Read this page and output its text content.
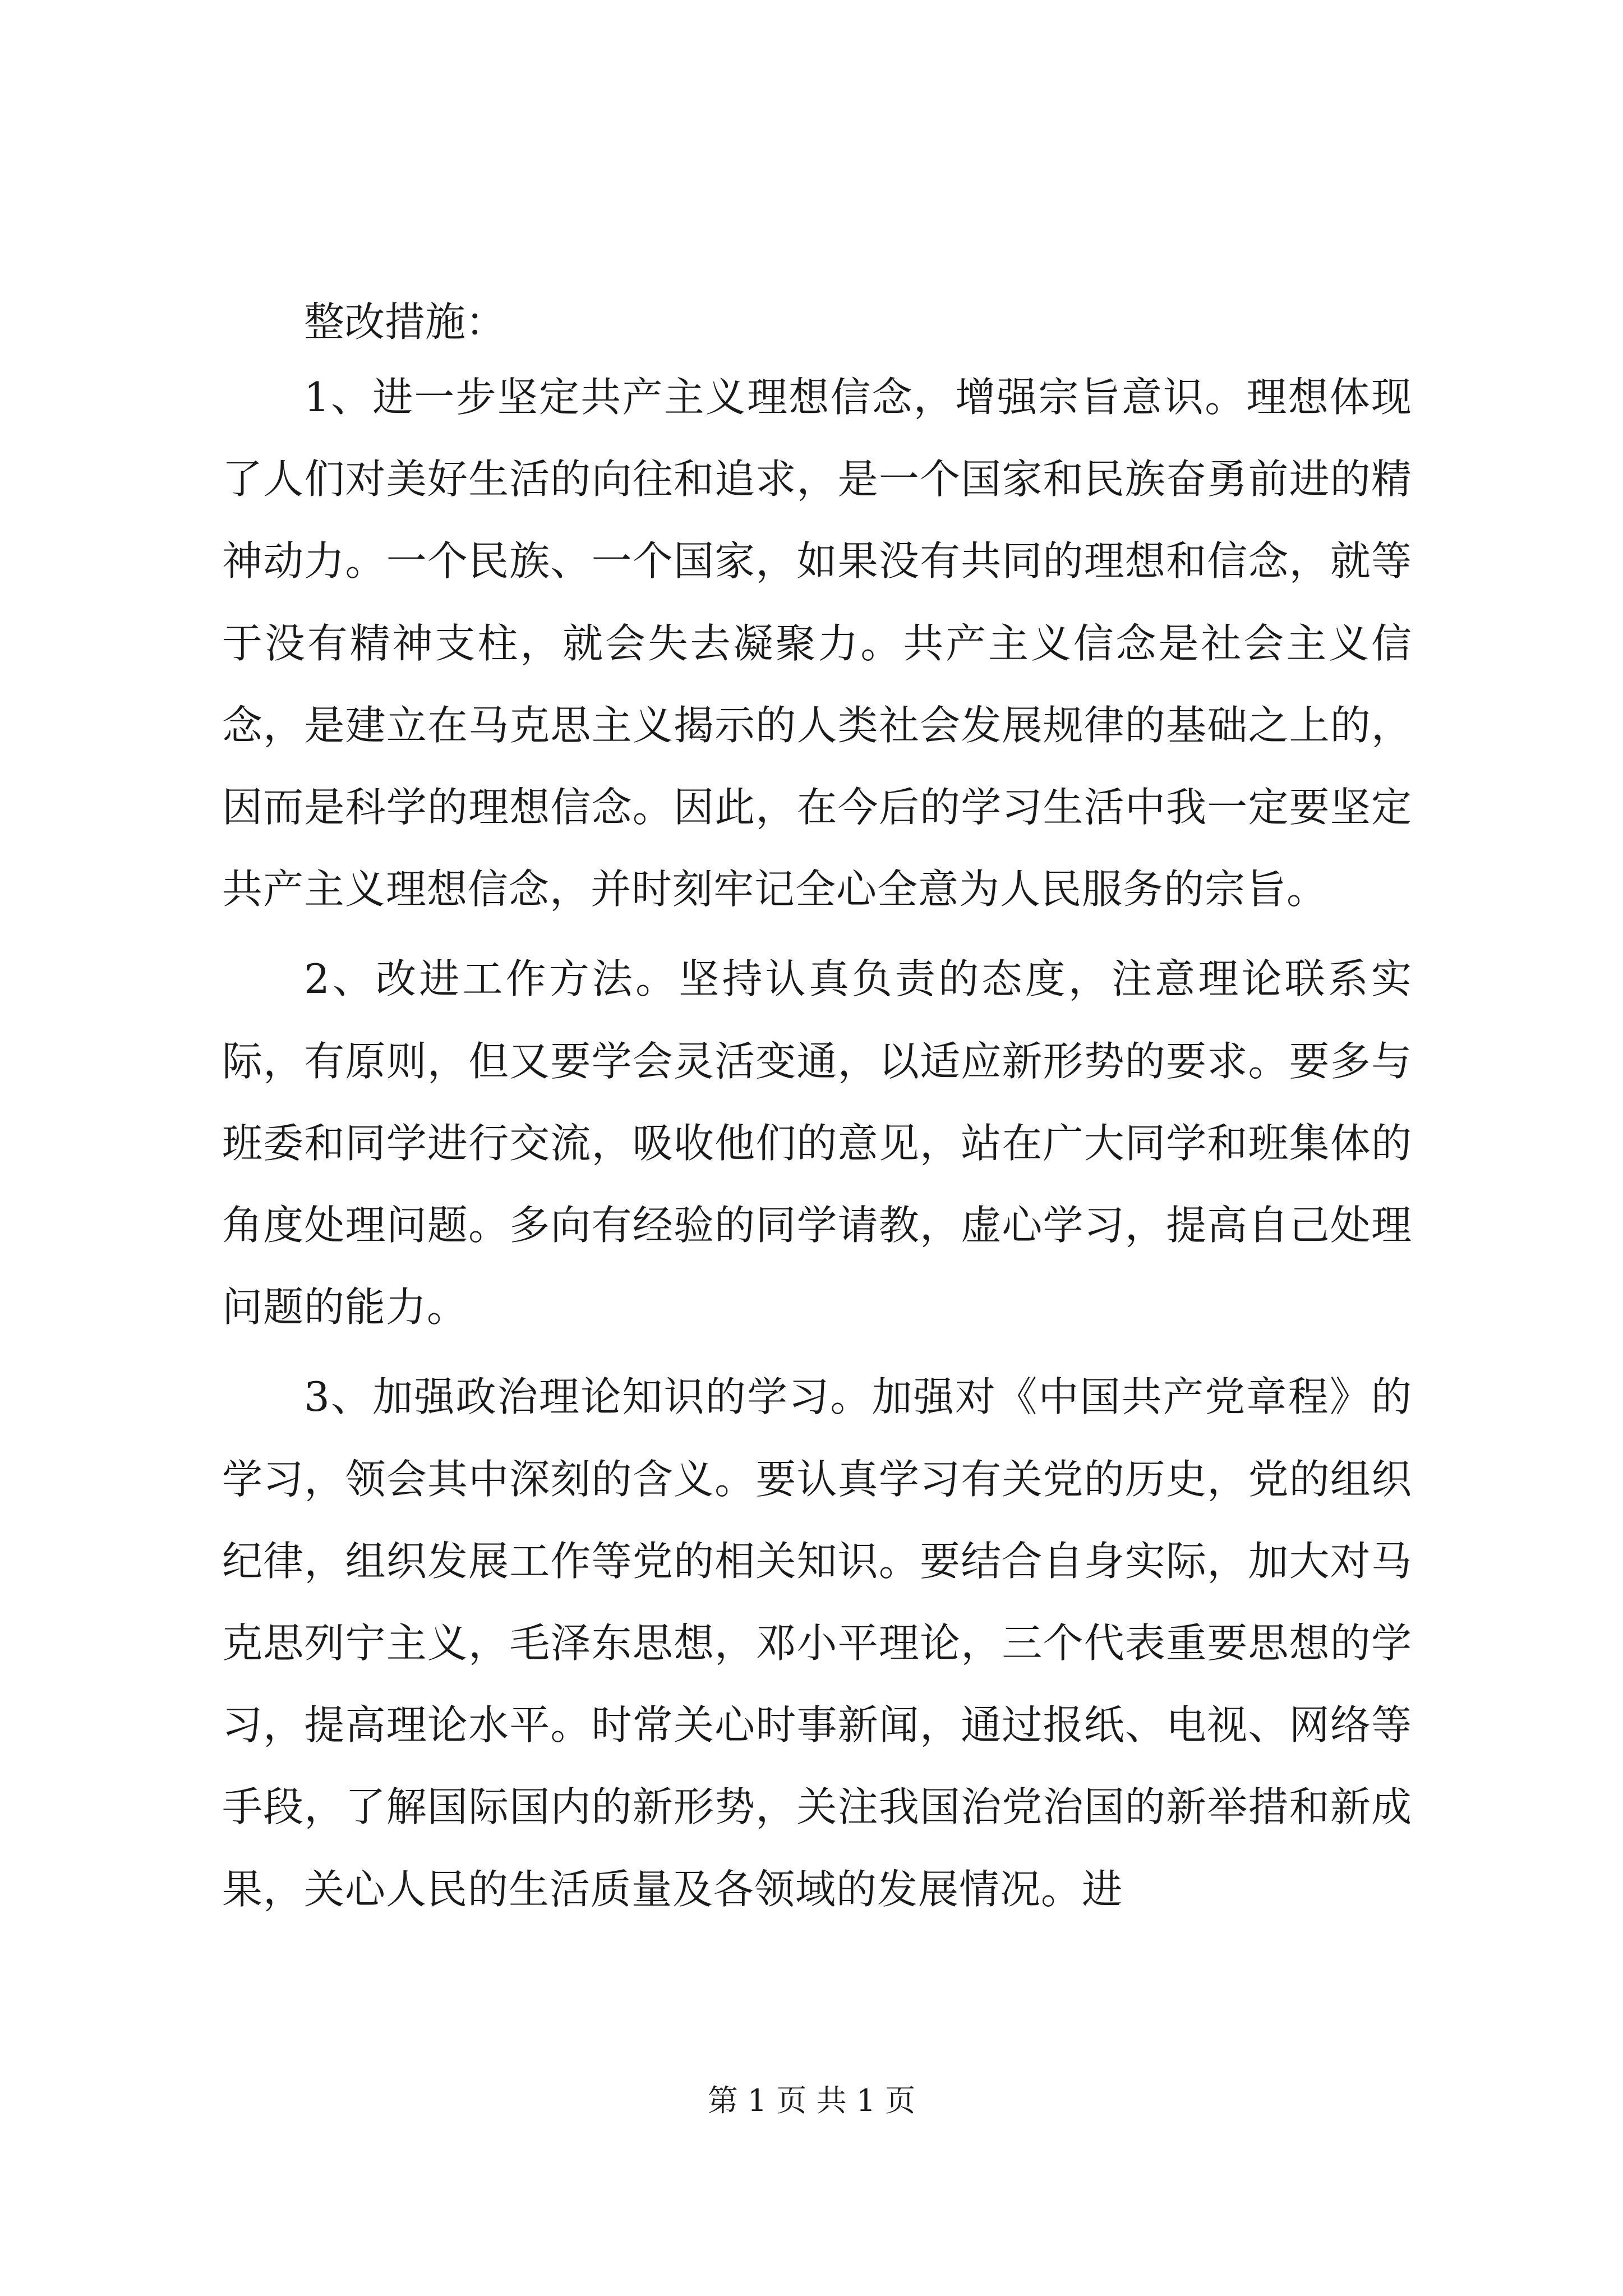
整改措施：

1、进一步坚定共产主义理想信念，增强宗旨意识。理想体现了人们对美好生活的向往和追求，是一个国家和民族奋勇前进的精神动力。一个民族、一个国家，如果没有共同的理想和信念，就等于没有精神支柱，就会失去凝聚力。共产主义信念是社会主义信念，是建立在马克思主义揭示的人类社会发展规律的基础之上的，因而是科学的理想信念。因此，在今后的学习生活中我一定要坚定共产主义理想信念，并时刻牢记全心全意为人民服务的宗旨。

2、改进工作方法。坚持认真负责的态度，注意理论联系实际，有原则，但又要学会灵活变通，以适应新形势的要求。要多与班委和同学进行交流，吸收他们的意见，站在广大同学和班集体的角度处理问题。多向有经验的同学请教，虚心学习，提高自己处理问题的能力。

3、加强政治理论知识的学习。加强对《中国共产党章程》的学习，领会其中深刻的含义。要认真学习有关党的历史，党的组织纪律，组织发展工作等党的相关知识。要结合自身实际，加大对马克思列宁主义，毛泽东思想，邓小平理论，三个代表重要思想的学习，提高理论水平。时常关心时事新闻，通过报纸、电视、网络等手段，了解国际国内的新形势，关注我国治党治国的新举措和新成果，关心人民的生活质量及各领域的发展情况。进

第 1 页 共 1 页
